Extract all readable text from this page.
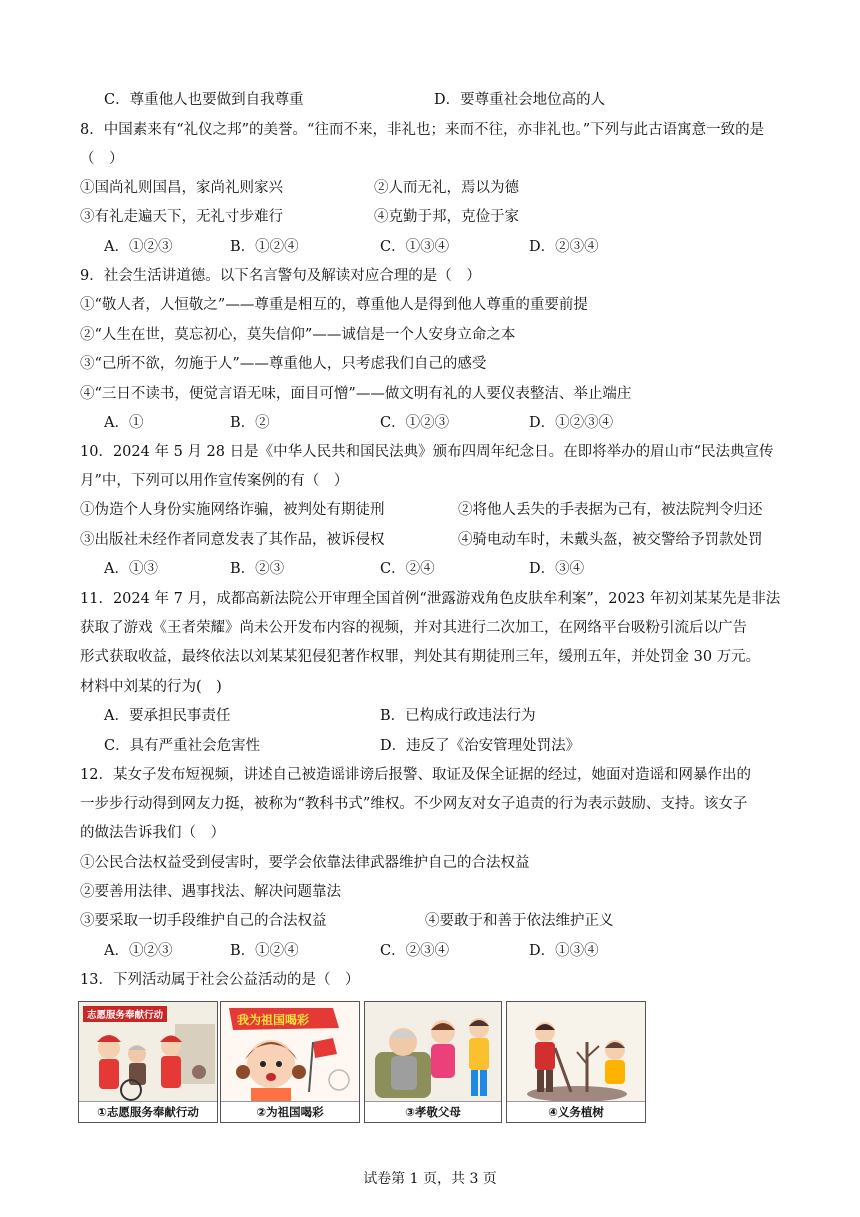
C．尊重他人也要做到自我尊重	D．要尊重社会地位高的人
8．中国素来有“礼仪之邦”的美誉。“往而不来，非礼也；来而不往，亦非礼也。”下列与此古语寓意一致的是
（　）
①国尚礼则国昌，家尚礼则家兴	②人而无礼，焉以为德
③有礼走遍天下，无礼寸步难行	④克勤于邦，克俭于家
A．①②③	B．①②④	C．①③④	D．②③④
9．社会生活讲道德。以下名言警句及解读对应合理的是（　）
①“敬人者，人恒敬之”——尊重是相互的，尊重他人是得到他人尊重的重要前提
②“人生在世，莫忘初心，莫失信仰”——诚信是一个人安身立命之本
③“己所不欲，勿施于人”——尊重他人，只考虑我们自己的感受
④“三日不读书，便觉言语无味，面目可憎”——做文明有礼的人要仪表整洁、举止端庄
A．①	B．②	C．①②③	D．①②③④
10．2024 年 5 月 28 日是《中华人民共和国民法典》颁布四周年纪念日。在即将举办的眉山市“民法典宣传
月”中，下列可以用作宣传案例的有（　）
①伪造个人身份实施网络诈骗，被判处有期徒刑	②将他人丢失的手表据为己有，被法院判令归还
③出版社未经作者同意发表了其作品，被诉侵权	④骑电动车时，未戴头盔，被交警给予罚款处罚
A．①③	B．②③	C．②④	D．③④
11．2024 年 7 月，成都高新法院公开审理全国首例“泄露游戏角色皮肤牟利案”，2023 年初刘某某先是非法
获取了游戏《王者荣耀》尚未公开发布内容的视频，并对其进行二次加工，在网络平台吸粉引流后以广告
形式获取收益，最终依法以刘某某犯侵犯著作权罪，判处其有期徒刑三年，缓刑五年，并处罚金 30 万元。
材料中刘某的行为(　)
A．要承担民事责任	B．已构成行政违法行为
C．具有严重社会危害性	D．违反了《治安管理处罚法》
12．某女子发布短视频，讲述自己被造谣诽谤后报警、取证及保全证据的经过，她面对造谣和网暴作出的
一步步行动得到网友力挺，被称为“教科书式”维权。不少网友对女子追责的行为表示鼓励、支持。该女子
的做法告诉我们（　）
①公民合法权益受到侵害时，要学会依靠法律武器维护自己的合法权益
②要善用法律、遇事找法、解决问题靠法
③要采取一切手段维护自己的合法权益	④要敢于和善于依法维护正义
A．①②③	B．①②④	C．②③④	D．①③④
13．下列活动属于社会公益活动的是（　）
志愿服务奉献行动
①志愿服务奉献行动
我为祖国喝彩
②为祖国喝彩	③孝敬父母	④义务植树
试卷第 1 页，共 3 页
